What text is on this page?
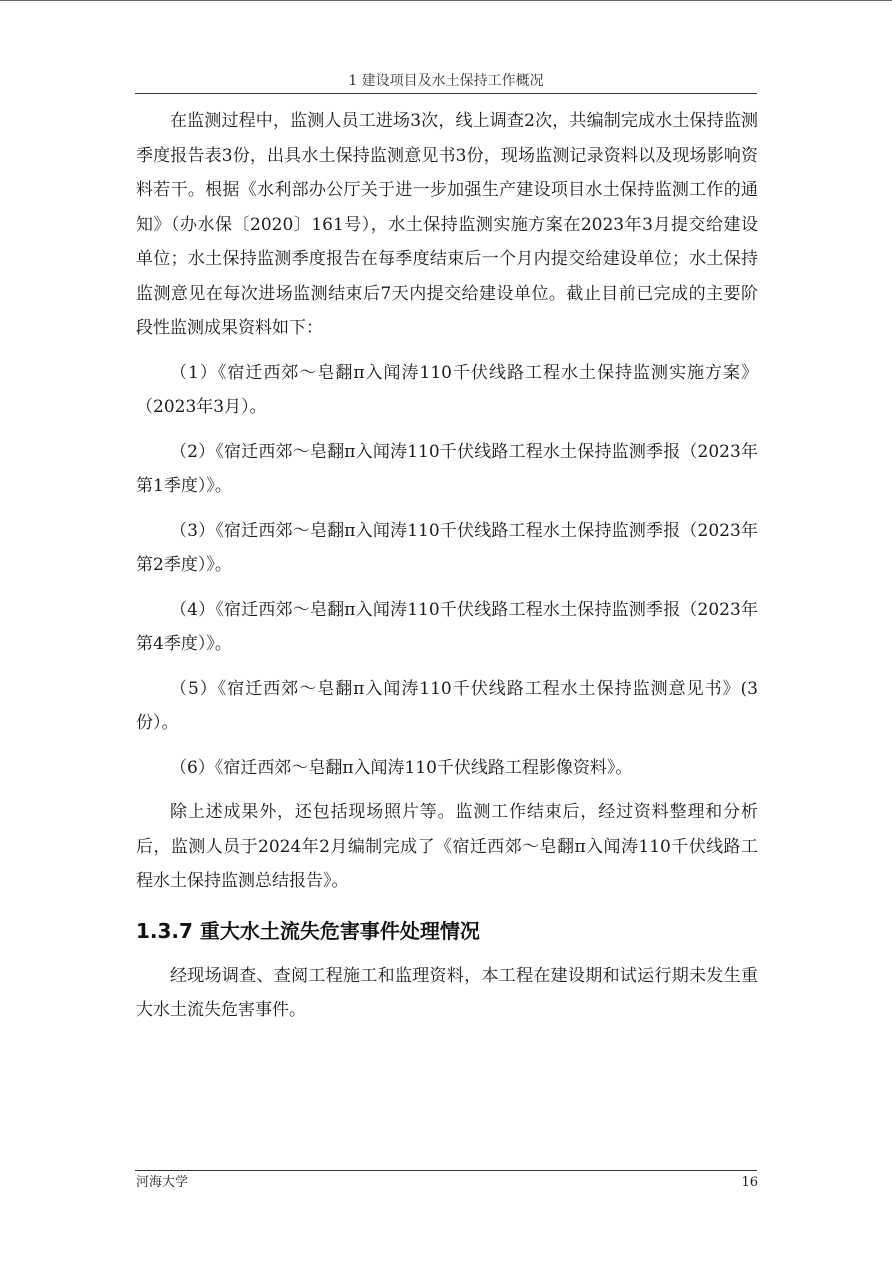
1 建设项目及水土保持工作概况

在监测过程中，监测人员工进场3次，线上调查2次，共编制完成水土保持监测季度报告表3份，出具水土保持监测意见书3份，现场监测记录资料以及现场影响资料若干。根据《水利部办公厅关于进一步加强生产建设项目水土保持监测工作的通知》（办水保〔2020〕161号），水土保持监测实施方案在2023年3月提交给建设单位；水土保持监测季度报告在每季度结束后一个月内提交给建设单位；水土保持监测意见在每次进场监测结束后7天内提交给建设单位。截止目前已完成的主要阶段性监测成果资料如下：

（1）《宿迁西郊～皂翻π入闻涛110千伏线路工程水土保持监测实施方案》（2023年3月）。

（2）《宿迁西郊～皂翻π入闻涛110千伏线路工程水土保持监测季报（2023年第1季度）》。

（3）《宿迁西郊～皂翻π入闻涛110千伏线路工程水土保持监测季报（2023年第2季度）》。

（4）《宿迁西郊～皂翻π入闻涛110千伏线路工程水土保持监测季报（2023年第4季度）》。

（5）《宿迁西郊～皂翻π入闻涛110千伏线路工程水土保持监测意见书》(3份）。

（6）《宿迁西郊～皂翻π入闻涛110千伏线路工程影像资料》。

除上述成果外，还包括现场照片等。监测工作结束后，经过资料整理和分析后，监测人员于2024年2月编制完成了《宿迁西郊～皂翻π入闻涛110千伏线路工程水土保持监测总结报告》。

1.3.7 重大水土流失危害事件处理情况

经现场调查、查阅工程施工和监理资料，本工程在建设期和试运行期未发生重大水土流失危害事件。

河海大学	16
